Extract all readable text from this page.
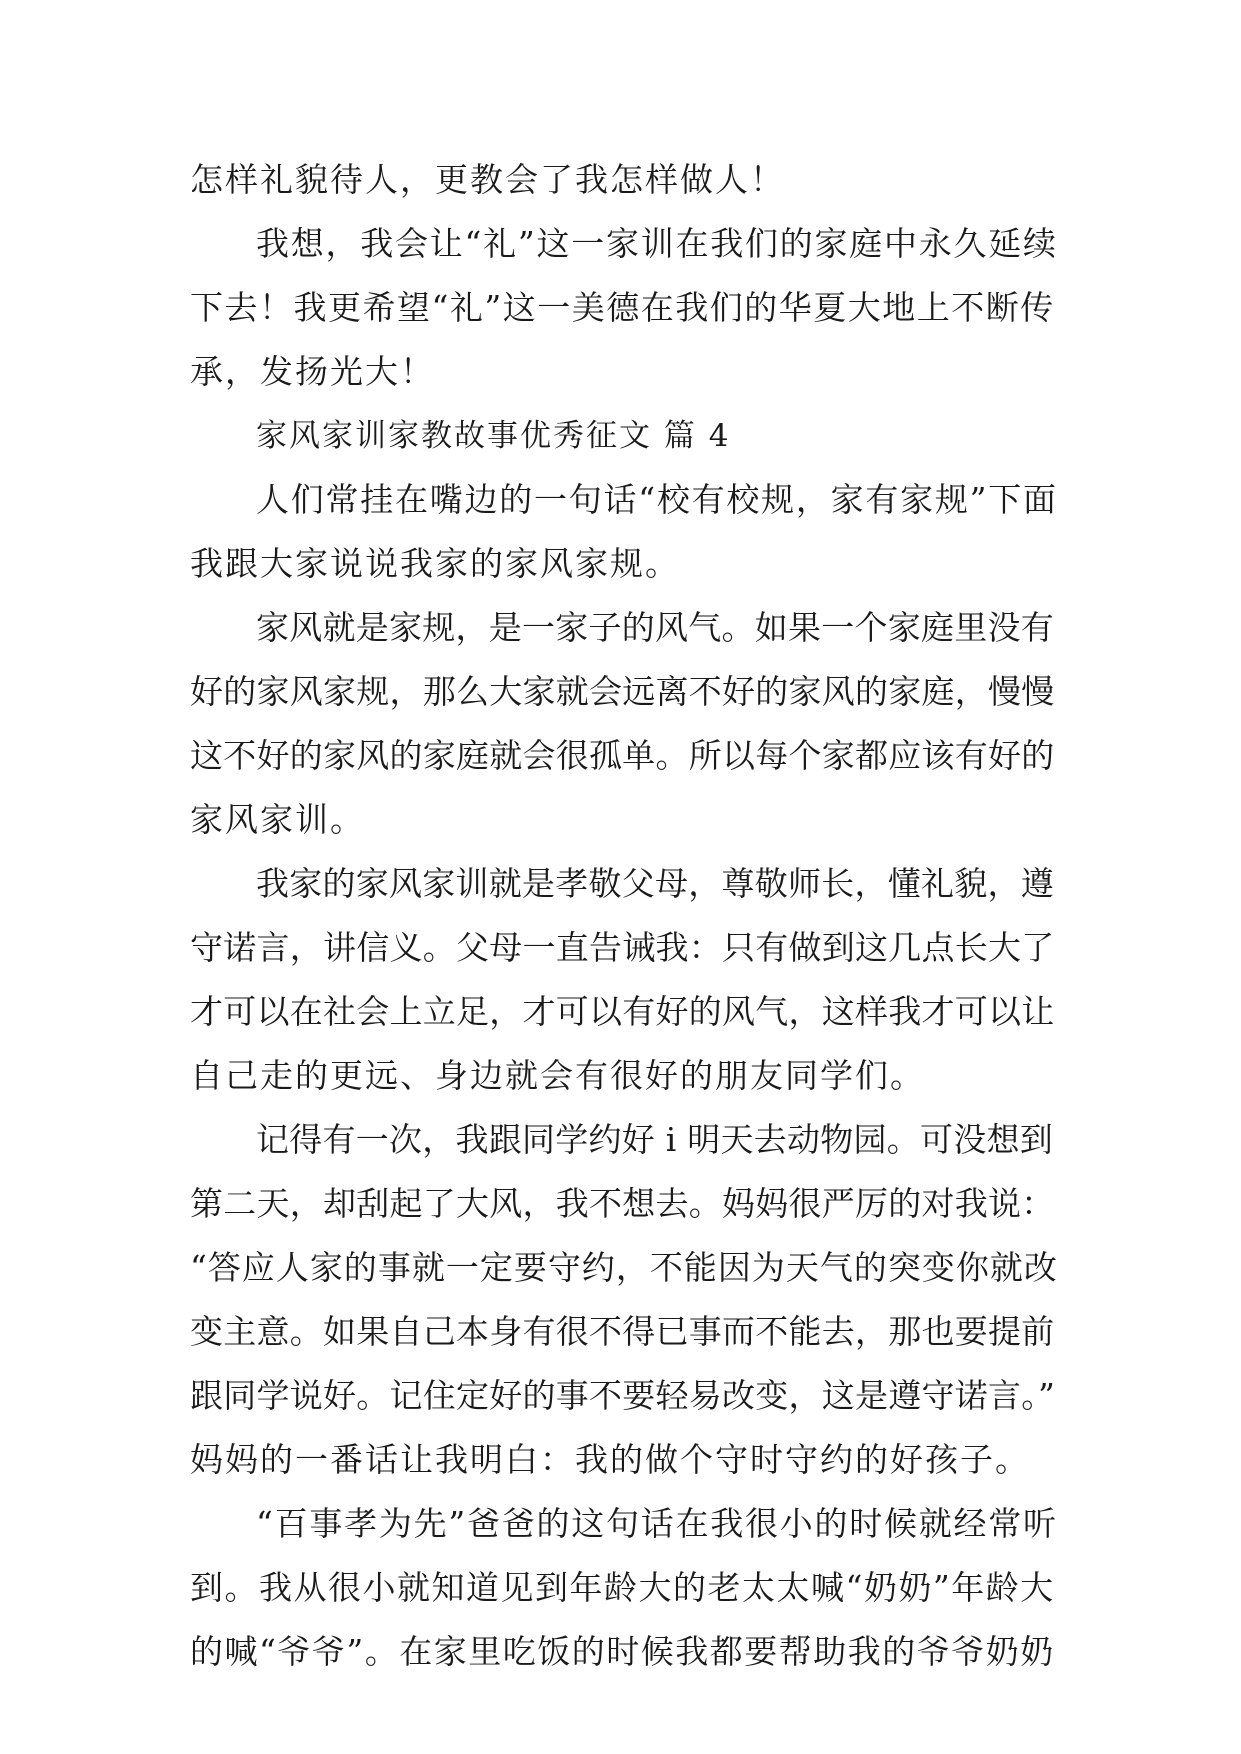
怎样礼貌待人，更教会了我怎样做人！
我想，我会让“礼”这一家训在我们的家庭中永久延续
下去！我更希望“礼”这一美德在我们的华夏大地上不断传
承，发扬光大！
家风家训家教故事优秀征文 篇 4
人们常挂在嘴边的一句话“校有校规，家有家规”下面
我跟大家说说我家的家风家规。
家风就是家规，是一家子的风气。如果一个家庭里没有
好的家风家规，那么大家就会远离不好的家风的家庭，慢慢
这不好的家风的家庭就会很孤单。所以每个家都应该有好的
家风家训。
我家的家风家训就是孝敬父母，尊敬师长，懂礼貌，遵
守诺言，讲信义。父母一直告诫我：只有做到这几点长大了
才可以在社会上立足，才可以有好的风气，这样我才可以让
自己走的更远、身边就会有很好的朋友同学们。
记得有一次，我跟同学约好 i 明天去动物园。可没想到
第二天，却刮起了大风，我不想去。妈妈很严厉的对我说：
“答应人家的事就一定要守约，不能因为天气的突变你就改
变主意。如果自己本身有很不得已事而不能去，那也要提前
跟同学说好。记住定好的事不要轻易改变，这是遵守诺言。”
妈妈的一番话让我明白：我的做个守时守约的好孩子。
“百事孝为先”爸爸的这句话在我很小的时候就经常听
到。我从很小就知道见到年龄大的老太太喊“奶奶”年龄大
的喊“爷爷”。在家里吃饭的时候我都要帮助我的爷爷奶奶
